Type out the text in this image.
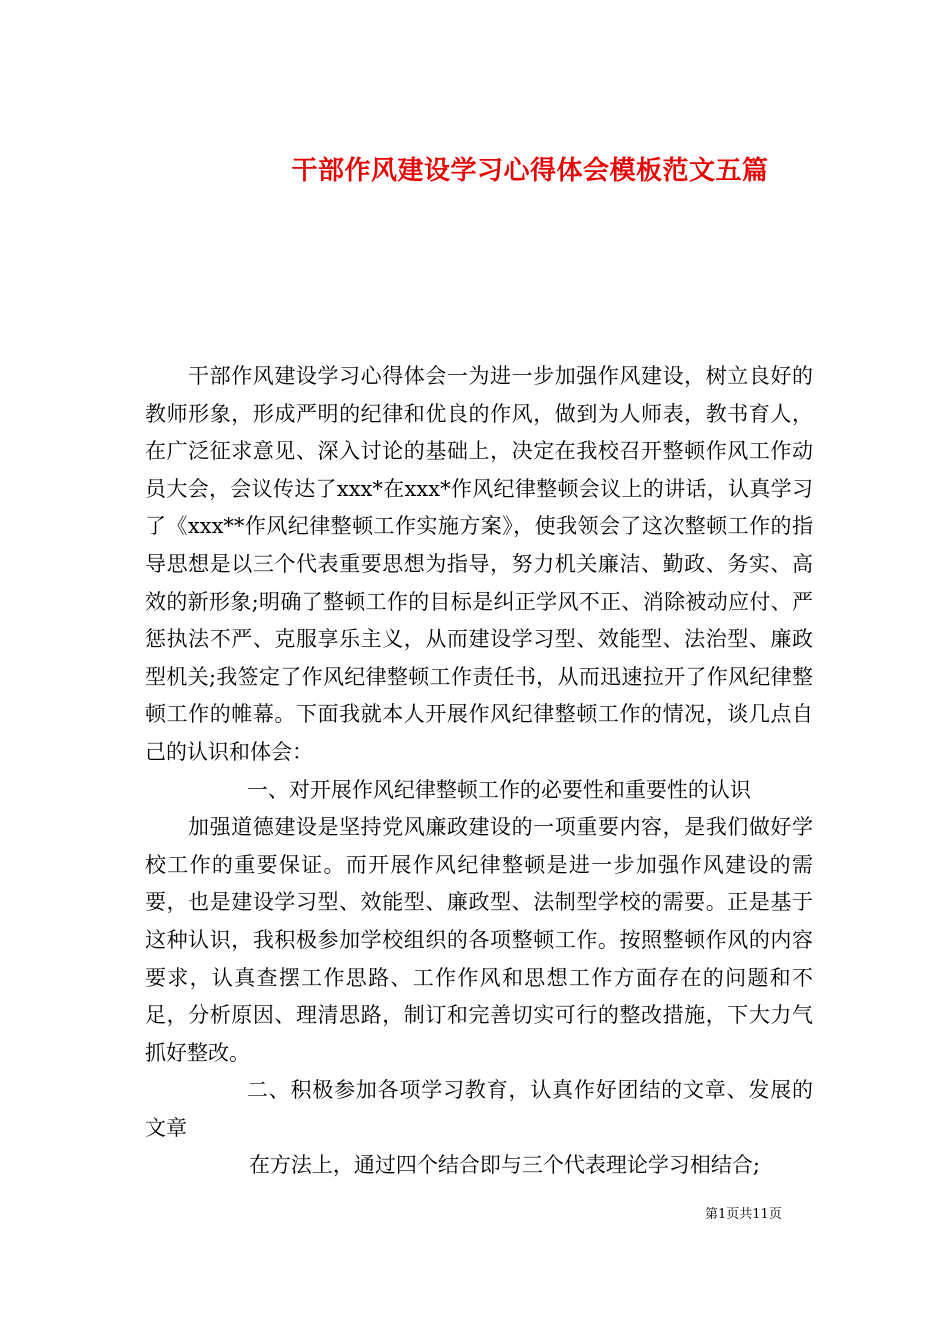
干部作风建设学习心得体会模板范文五篇

干部作风建设学习心得体会一为进一步加强作风建设，树立良好的教师形象，形成严明的纪律和优良的作风，做到为人师表，教书育人，在广泛征求意见、深入讨论的基础上，决定在我校召开整顿作风工作动员大会，会议传达了xxx*在xxx*作风纪律整顿会议上的讲话，认真学习了《xxx**作风纪律整顿工作实施方案》，使我领会了这次整顿工作的指导思想是以三个代表重要思想为指导，努力机关廉洁、勤政、务实、高效的新形象;明确了整顿工作的目标是纠正学风不正、消除被动应付、严惩执法不严、克服享乐主义，从而建设学习型、效能型、法治型、廉政型机关;我签定了作风纪律整顿工作责任书，从而迅速拉开了作风纪律整顿工作的帷幕。下面我就本人开展作风纪律整顿工作的情况，谈几点自己的认识和体会：

一、对开展作风纪律整顿工作的必要性和重要性的认识

加强道德建设是坚持党风廉政建设的一项重要内容，是我们做好学校工作的重要保证。而开展作风纪律整顿是进一步加强作风建设的需要，也是建设学习型、效能型、廉政型、法制型学校的需要。正是基于这种认识，我积极参加学校组织的各项整顿工作。按照整顿作风的内容要求，认真查摆工作思路、工作作风和思想工作方面存在的问题和不足，分析原因、理清思路，制订和完善切实可行的整改措施，下大力气抓好整改。

二、积极参加各项学习教育，认真作好团结的文章、发展的文章

在方法上，通过四个结合即与三个代表理论学习相结合;

第1页共11页
